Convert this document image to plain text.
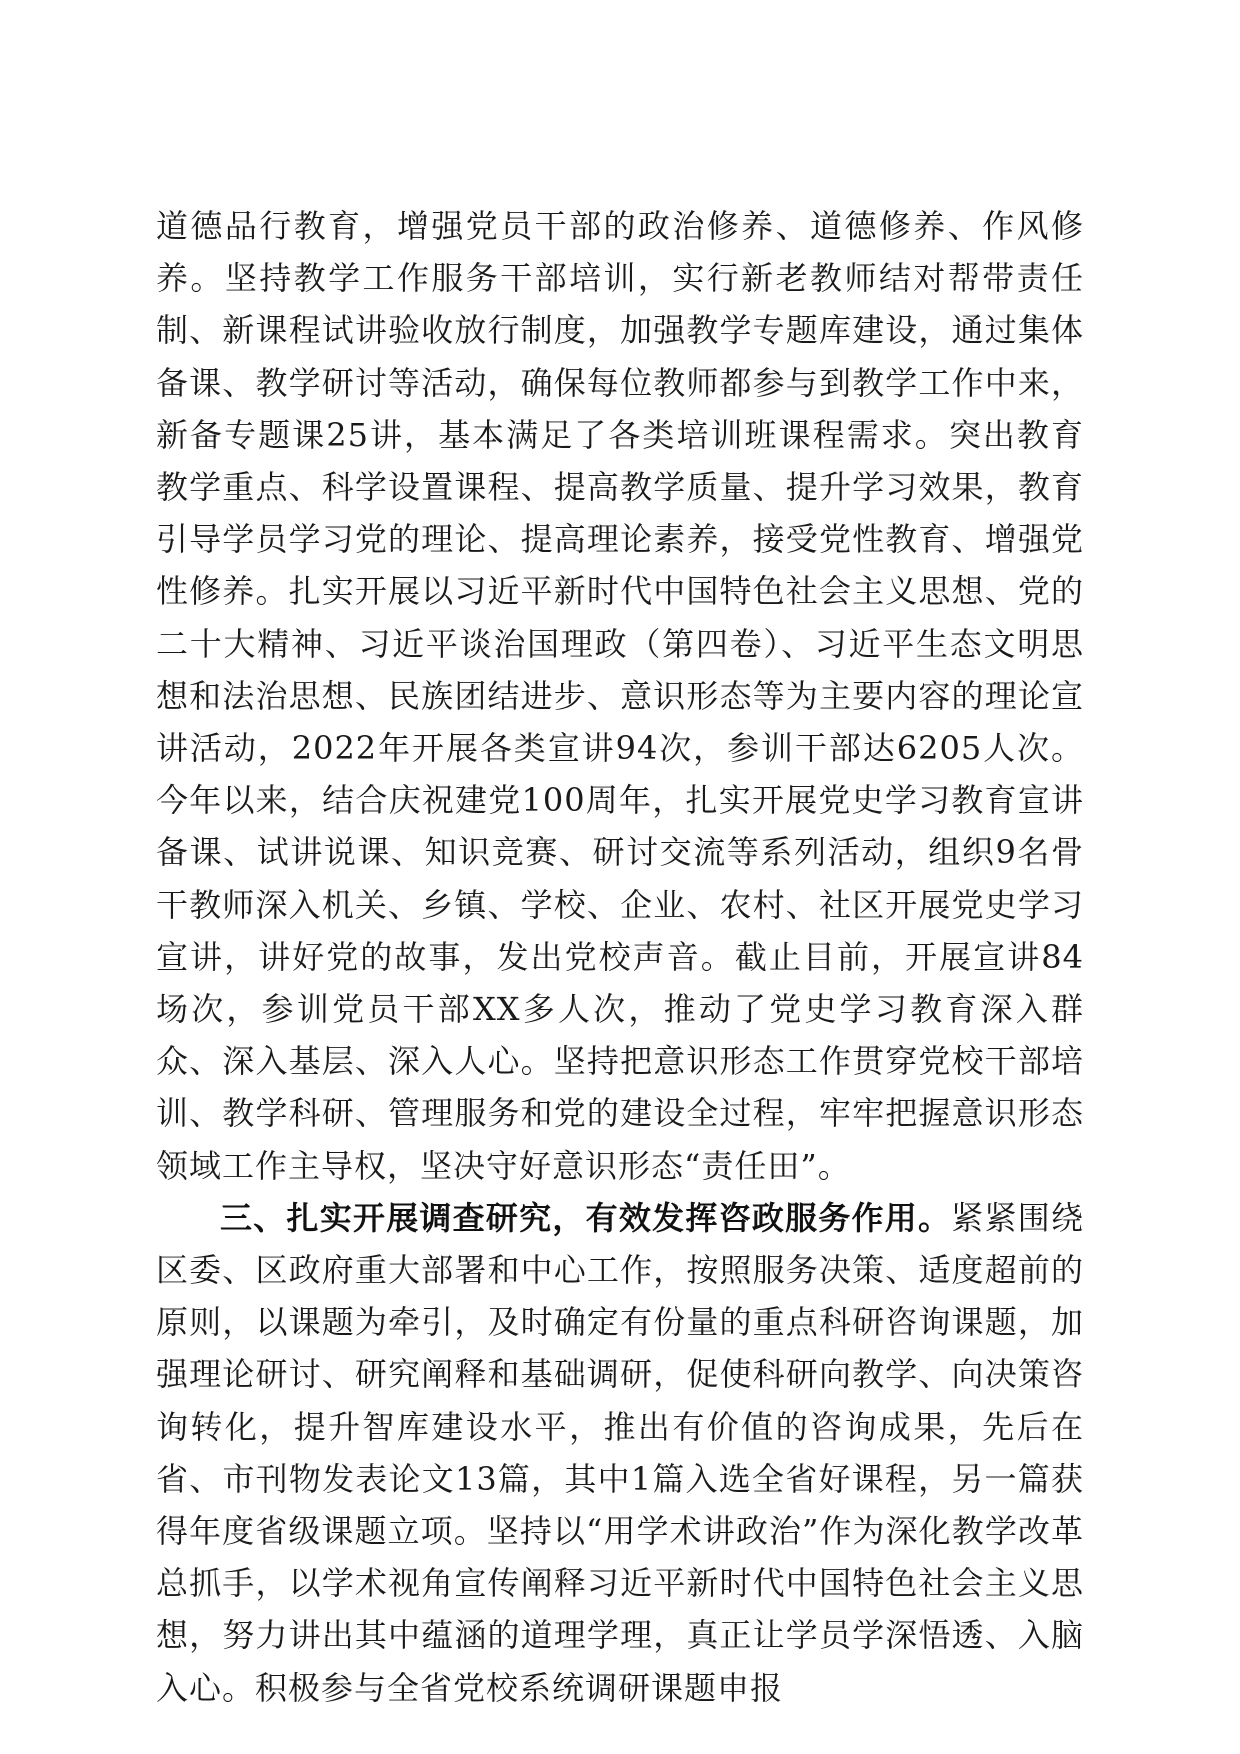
道德品行教育，增强党员干部的政治修养、道德修养、作风修养。坚持教学工作服务干部培训，实行新老教师结对帮带责任制、新课程试讲验收放行制度，加强教学专题库建设，通过集体备课、教学研讨等活动，确保每位教师都参与到教学工作中来，新备专题课25讲，基本满足了各类培训班课程需求。突出教育教学重点、科学设置课程、提高教学质量、提升学习效果，教育引导学员学习党的理论、提高理论素养，接受党性教育、增强党性修养。扎实开展以习近平新时代中国特色社会主义思想、党的二十大精神、习近平谈治国理政（第四卷）、习近平生态文明思想和法治思想、民族团结进步、意识形态等为主要内容的理论宣讲活动，2022年开展各类宣讲94次，参训干部达6205人次。今年以来，结合庆祝建党100周年，扎实开展党史学习教育宣讲备课、试讲说课、知识竞赛、研讨交流等系列活动，组织9名骨干教师深入机关、乡镇、学校、企业、农村、社区开展党史学习宣讲，讲好党的故事，发出党校声音。截止目前，开展宣讲84场次，参训党员干部XX多人次，推动了党史学习教育深入群众、深入基层、深入人心。坚持把意识形态工作贯穿党校干部培训、教学科研、管理服务和党的建设全过程，牢牢把握意识形态领域工作主导权，坚决守好意识形态“责任田”。

三、扎实开展调查研究，有效发挥咨政服务作用。紧紧围绕区委、区政府重大部署和中心工作，按照服务决策、适度超前的原则，以课题为牵引，及时确定有份量的重点科研咨询课题，加强理论研讨、研究阐释和基础调研，促使科研向教学、向决策咨询转化，提升智库建设水平，推出有价值的咨询成果，先后在省、市刊物发表论文13篇，其中1篇入选全省好课程，另一篇获得年度省级课题立项。坚持以“用学术讲政治”作为深化教学改革总抓手，以学术视角宣传阐释习近平新时代中国特色社会主义思想，努力讲出其中蕴涵的道理学理，真正让学员学深悟透、入脑入心。积极参与全省党校系统调研课题申报
